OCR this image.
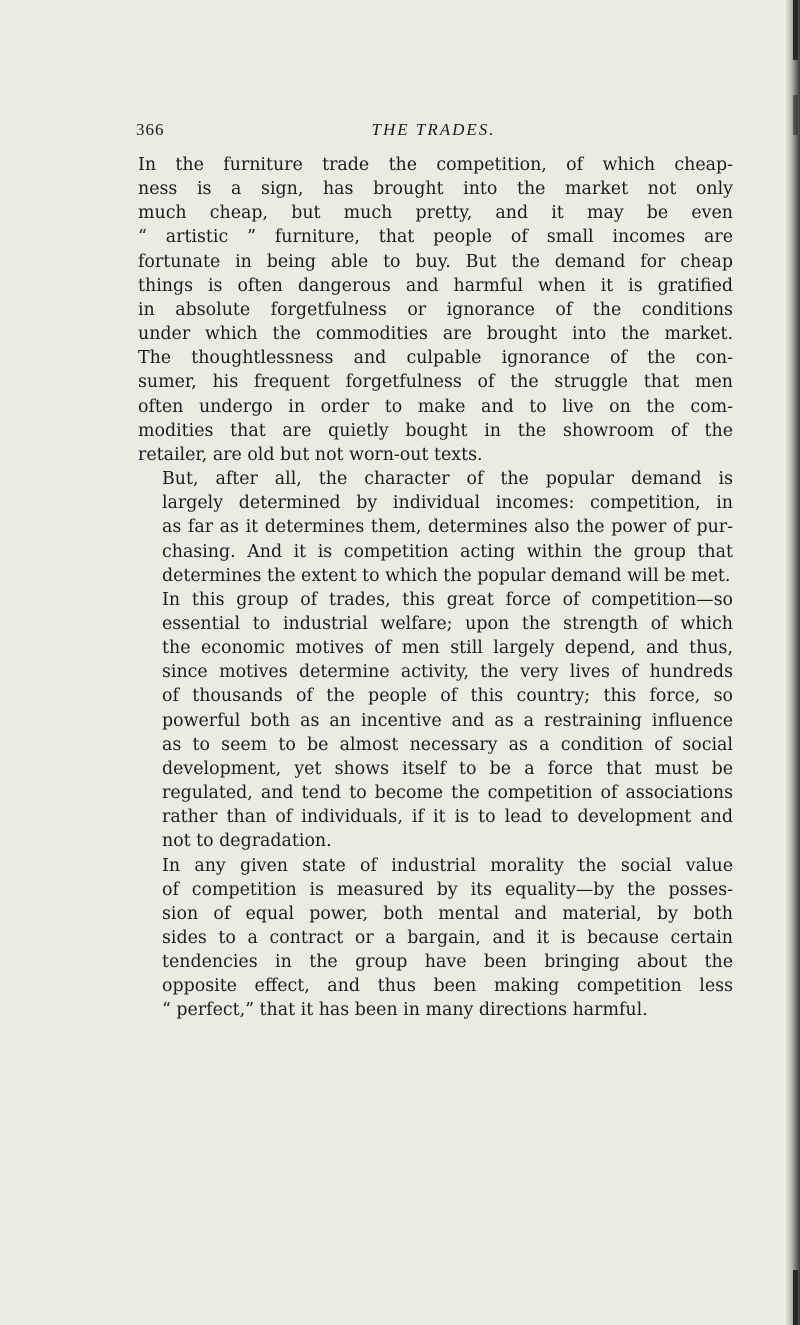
366	THE TRADES.

In the furniture trade the competition, of which cheap-
ness is a sign, has brought into the market not only
much cheap, but much pretty, and it may be even
“ artistic ” furniture, that people of small incomes are
fortunate in being able to buy. But the demand for cheap
things is often dangerous and harmful when it is gratified
in absolute forgetfulness or ignorance of the conditions
under which the commodities are brought into the market.
The thoughtlessness and culpable ignorance of the con-
sumer, his frequent forgetfulness of the struggle that men
often undergo in order to make and to live on the com-
modities that are quietly bought in the showroom of the
retailer, are old but not worn-out texts.

But, after all, the character of the popular demand is
largely determined by individual incomes: competition, in
as far as it determines them, determines also the power of pur-
chasing. And it is competition acting within the group that
determines the extent to which the popular demand will be met.

In this group of trades, this great force of competition—so
essential to industrial welfare; upon the strength of which
the economic motives of men still largely depend, and thus,
since motives determine activity, the very lives of hundreds
of thousands of the people of this country; this force, so
powerful both as an incentive and as a restraining influence
as to seem to be almost necessary as a condition of social
development, yet shows itself to be a force that must be
regulated, and tend to become the competition of associations
rather than of individuals, if it is to lead to development and
not to degradation.

In any given state of industrial morality the social value
of competition is measured by its equality—by the posses-
sion of equal power, both mental and material, by both
sides to a contract or a bargain, and it is because certain
tendencies in the group have been bringing about the
opposite effect, and thus been making competition less
“ perfect,” that it has been in many directions harmful.
